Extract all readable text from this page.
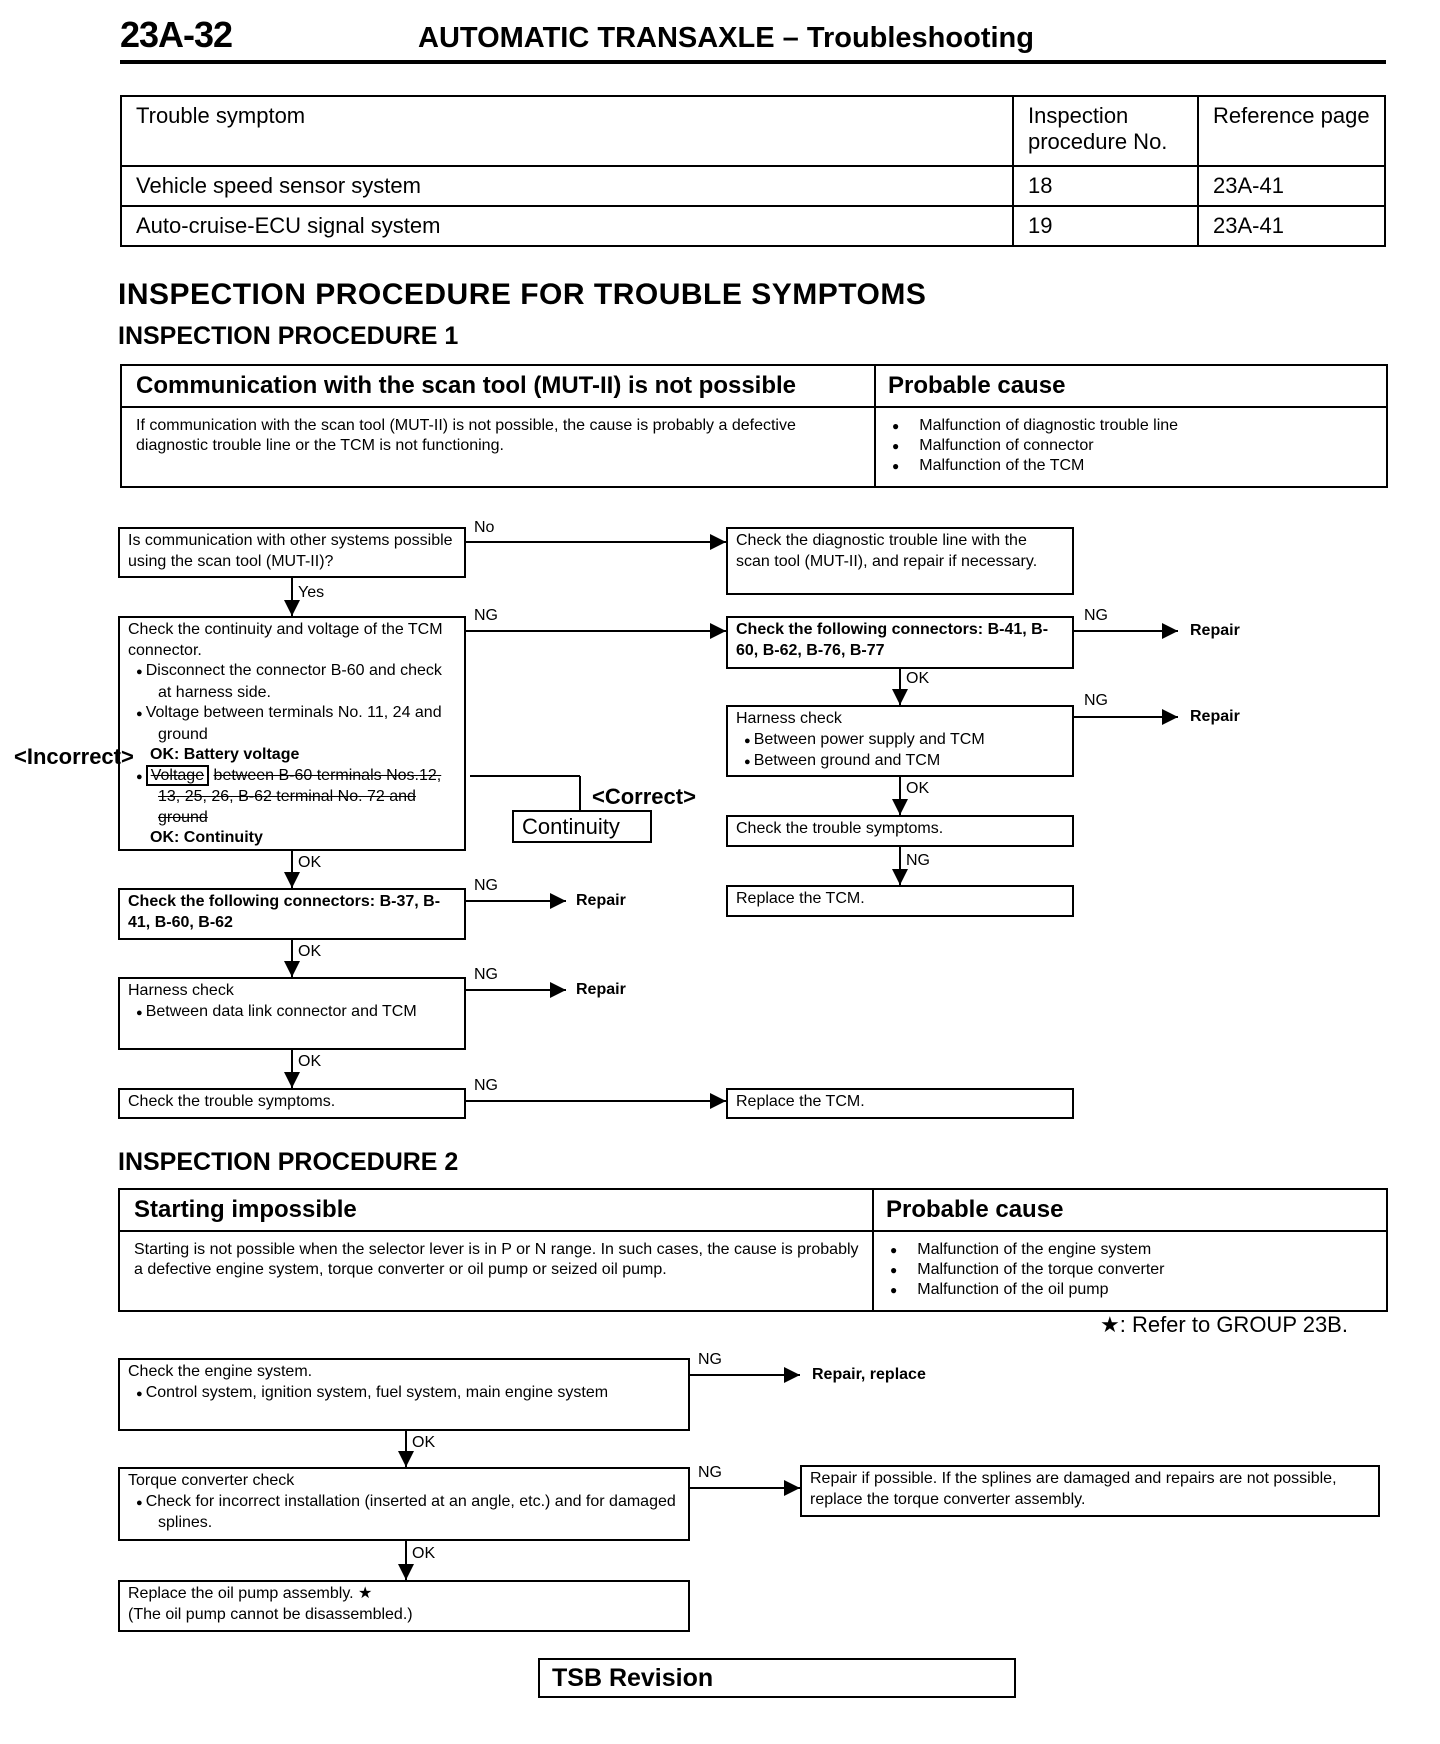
23A-32	AUTOMATIC TRANSAXLE – Troubleshooting
Trouble symptom	Inspection procedure No.	Reference page
Vehicle speed sensor system	18	23A-41
Auto-cruise-ECU signal system	19	23A-41
INSPECTION PROCEDURE FOR TROUBLE SYMPTOMS
INSPECTION PROCEDURE 1
Communication with the scan tool (MUT-II) is not possible	Probable cause
If communication with the scan tool (MUT-II) is not possible, the cause is probably a defective diagnostic trouble line or the TCM is not functioning.
● Malfunction of diagnostic trouble line
● Malfunction of connector
● Malfunction of the TCM
No
Yes
NG	NG
Repair
OK
NG
Repair
OK
NG
OK
NG
Repair
OK
NG
Repair
OK
NG
Is communication with other systems possible using the scan tool (MUT-II)?
Check the diagnostic trouble line with the scan tool (MUT-II), and repair if necessary.
Check the continuity and voltage of the TCM connector.
● Disconnect the connector B-60 and check at harness side.
● Voltage between terminals No. 11, 24 and ground
OK: Battery voltage
● Voltage between B-60 terminals Nos.12, 13, 25, 26, B-62 terminal No. 72 and ground
OK: Continuity
<Incorrect>
<Correct>
Continuity
Check the following connectors: B-41, B-60, B-62, B-76, B-77
Harness check
● Between power supply and TCM
● Between ground and TCM
Check the trouble symptoms.
Replace the TCM.
Check the following connectors: B-37, B-41, B-60, B-62
Harness check
● Between data link connector and TCM
Check the trouble symptoms.	Replace the TCM.
INSPECTION PROCEDURE 2
Starting impossible	Probable cause
Starting is not possible when the selector lever is in P or N range. In such cases, the cause is probably a defective engine system, torque converter or oil pump or seized oil pump.
● Malfunction of the engine system
● Malfunction of the torque converter
● Malfunction of the oil pump
★: Refer to GROUP 23B.
NG
Repair, replace
OK
NG
OK
Check the engine system.
● Control system, ignition system, fuel system, main engine system
Torque converter check
● Check for incorrect installation (inserted at an angle, etc.) and for damaged splines.
Repair if possible. If the splines are damaged and repairs are not possible, replace the torque converter assembly.
Replace the oil pump assembly. ★
(The oil pump cannot be disassembled.)
TSB Revision
